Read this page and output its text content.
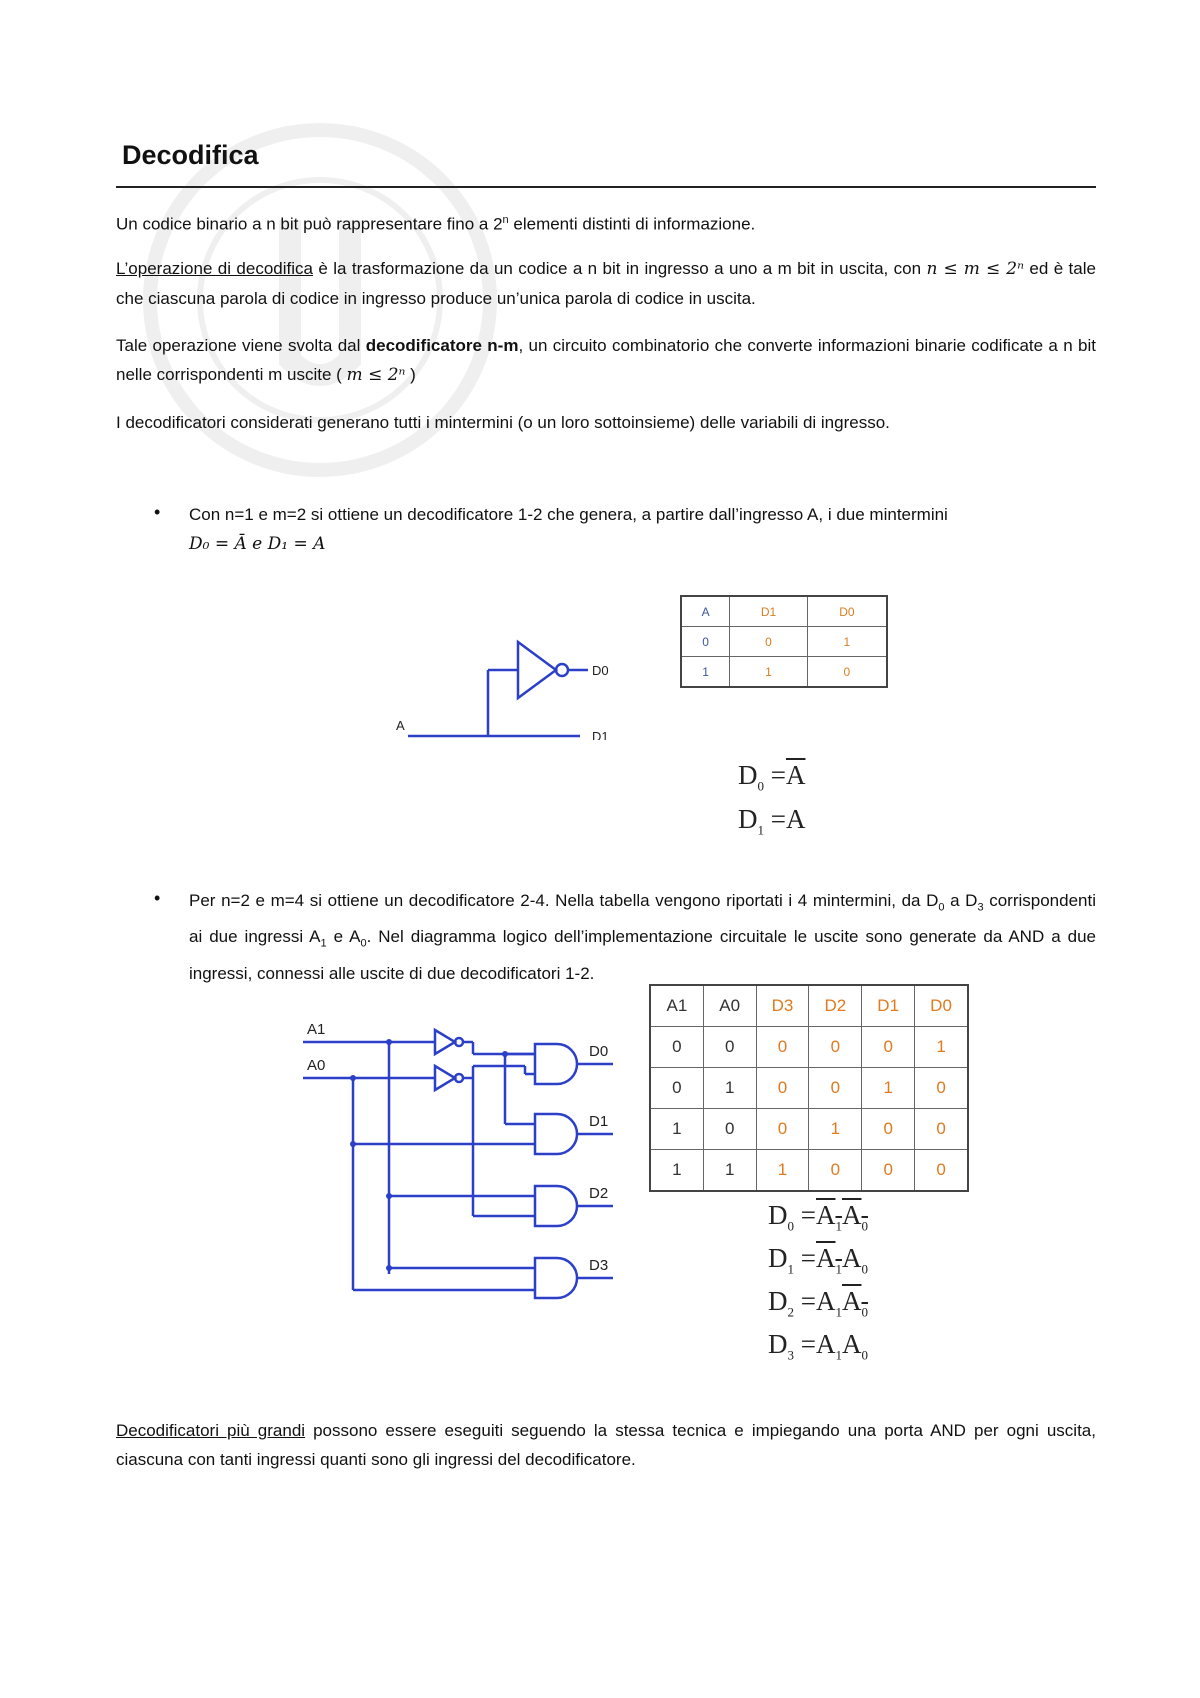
Decodifica
Un codice binario a n bit può rappresentare fino a 2$^n$ elementi distinti di informazione.
L’operazione di decodifica è la trasformazione da un codice a n bit in ingresso a uno a m bit in uscita, con n ≤ m ≤ 2ⁿ ed è tale che ciascuna parola di codice in ingresso produce un’unica parola di codice in uscita.
Tale operazione viene svolta dal decodificatore n-m, un circuito combinatorio che converte informazioni binarie codificate a n bit nelle corrispondenti m uscite ( m ≤ 2ⁿ )
I decodificatori considerati generano tutti i mintermini (o un loro sottoinsieme) delle variabili di ingresso.
• Con n=1 e m=2 si ottiene un decodificatore 1-2 che genera, a partire dall’ingresso A, i due mintermini
D₀ = Ā e D₁ = A
A
D0
D1
A	D1	D0
0	0	1
1	1	0
$D_0 =\overline{A}$
$D_1 =A$
• Per n=2 e m=4 si ottiene un decodificatore 2-4. Nella tabella vengono riportati i 4 mintermini, da $D_0$ a $D_3$ corrispondenti ai due ingressi $A_1$ e $A_0$. Nel diagramma logico dell’implementazione circuitale le uscite sono generate da AND a due ingressi, connessi alle uscite di due decodificatori 1-2.
A1
A0
D0
D1
D2
D3
A1	A0	D3	D2	D1	D0
0	0	0	0	0	1
0	1	0	0	1	0
1	0	0	1	0	0
1	1	1	0	0	0
$D_0 =A_1A_0$
$D_1 =A_1A_0$
$D_2 =A_1A_0$
$D_3 =A_1A_0$
Decodificatori più grandi possono essere eseguiti seguendo la stessa tecnica e impiegando una porta AND per ogni uscita, ciascuna con tanti ingressi quanti sono gli ingressi del decodificatore.
